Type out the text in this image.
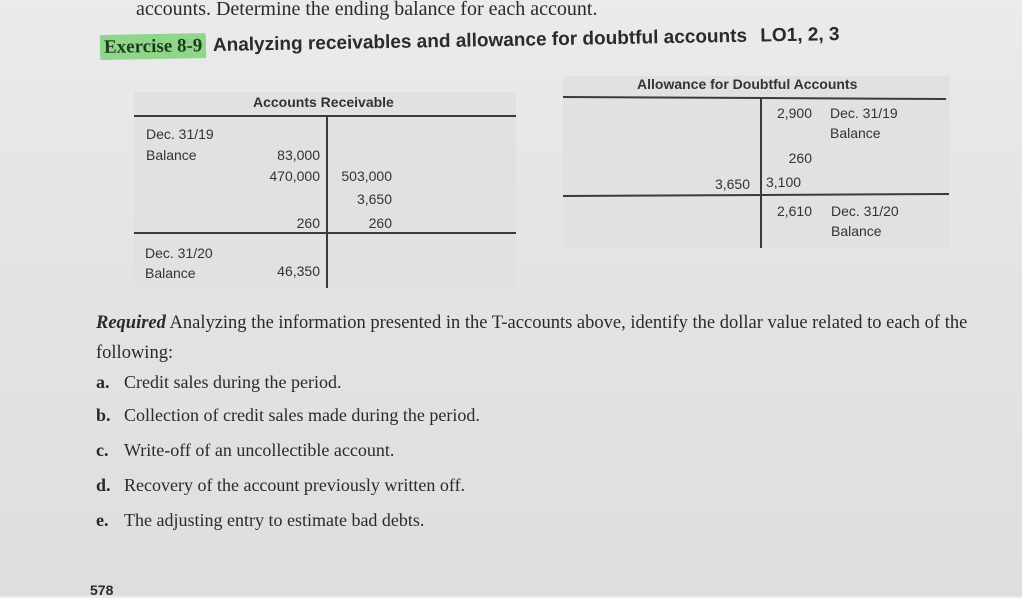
accounts. Determine the ending balance for each account.
Exercise 8-9 Analyzing receivables and allowance for doubtful accounts LO1, 2, 3
Accounts Receivable
Dec. 31/19
Balance	83,000
470,000
260
503,000
3,650
260
Dec. 31/20
Balance	46,350
Allowance for Doubtful Accounts
2,900 Dec. 31/19
Balance
260
3,650 3,100
2,610 Dec. 31/20
Balance
Required Analyzing the information presented in the T-accounts above, identify the dollar value related to each of the following:
a. Credit sales during the period.
b. Collection of credit sales made during the period.
c. Write-off of an uncollectible account.
d. Recovery of the account previously written off.
e. The adjusting entry to estimate bad debts.
578
